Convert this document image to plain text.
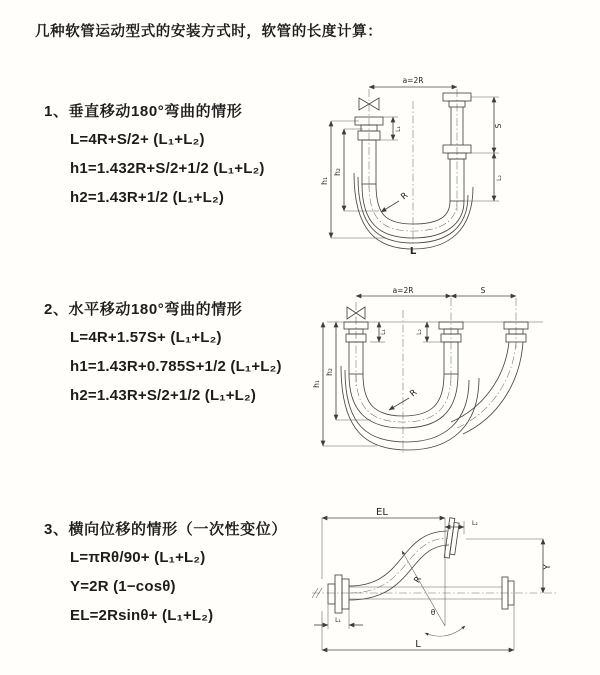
几种软管运动型式的安装方式时，软管的长度计算：
1、垂直移动180°弯曲的情形
L=4R+S/2+ (L₁+L₂)
h1=1.432R+S/2+1/2 (L₁+L₂)
h2=1.43R+1/2 (L₁+L₂)
2、水平移动180°弯曲的情形
L=4R+1.57S+ (L₁+L₂)
h1=1.43R+0.785S+1/2 (L₁+L₂)
h2=1.43R+S/2+1/2 (L₁+L₂)
3、横向位移的情形（一次性变位）
L=πRθ/90+ (L₁+L₂)
Y=2R (1−cosθ)
EL=2Rsinθ+ (L₁+L₂)
a=2R
h₁
h₂
L₁
S
L₂
R
L
a=2R	S
h₁
h₂
L₁	L₂
R
EL
L₂
Y
L
L₁
R
θ
